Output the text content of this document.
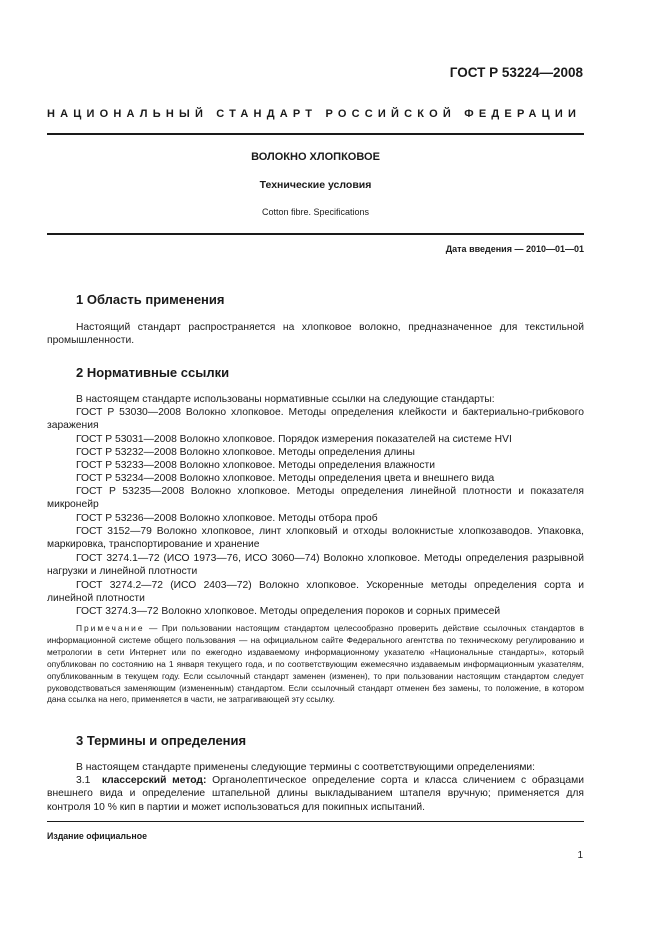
ГОСТ Р 53224—2008
НАЦИОНАЛЬНЫЙ СТАНДАРТ РОССИЙСКОЙ ФЕДЕРАЦИИ
ВОЛОКНО ХЛОПКОВОЕ
Технические условия
Cotton fibre. Specifications
Дата введения — 2010—01—01
1 Область применения
Настоящий стандарт распространяется на хлопковое волокно, предназначенное для текстильной промышленности.
2 Нормативные ссылки
В настоящем стандарте использованы нормативные ссылки на следующие стандарты:
ГОСТ Р 53030—2008 Волокно хлопковое. Методы определения клейкости и бактериально-грибкового заражения
ГОСТ Р 53031—2008 Волокно хлопковое. Порядок измерения показателей на системе HVI
ГОСТ Р 53232—2008 Волокно хлопковое. Методы определения длины
ГОСТ Р 53233—2008 Волокно хлопковое. Методы определения влажности
ГОСТ Р 53234—2008 Волокно хлопковое. Методы определения цвета и внешнего вида
ГОСТ Р 53235—2008 Волокно хлопковое. Методы определения линейной плотности и показателя микронейр
ГОСТ Р 53236—2008 Волокно хлопковое. Методы отбора проб
ГОСТ 3152—79 Волокно хлопковое, линт хлопковый и отходы волокнистые хлопкозаводов. Упаковка, маркировка, транспортирование и хранение
ГОСТ 3274.1—72 (ИСО 1973—76, ИСО 3060—74) Волокно хлопковое. Методы определения разрывной нагрузки и линейной плотности
ГОСТ 3274.2—72 (ИСО 2403—72) Волокно хлопковое. Ускоренные методы определения сорта и линейной плотности
ГОСТ 3274.3—72 Волокно хлопковое. Методы определения пороков и сорных примесей
Примечание — При пользовании настоящим стандартом целесообразно проверить действие ссылочных стандартов в информационной системе общего пользования — на официальном сайте Федерального агентства по техническому регулированию и метрологии в сети Интернет или по ежегодно издаваемому информационному указателю «Национальные стандарты», который опубликован по состоянию на 1 января текущего года, и по соответствующим ежемесячно издаваемым информационным указателям, опубликованным в текущем году. Если ссылочный стандарт заменен (изменен), то при пользовании настоящим стандартом следует руководствоваться заменяющим (измененным) стандартом. Если ссылочный стандарт отменен без замены, то положение, в котором дана ссылка на него, применяется в части, не затрагивающей эту ссылку.
3 Термины и определения
В настоящем стандарте применены следующие термины с соответствующими определениями:
3.1 классерский метод: Органолептическое определение сорта и класса сличением с образцами внешнего вида и определение штапельной длины выкладыванием штапеля вручную; применяется для контроля 10 % кип в партии и может использоваться для покипных испытаний.
Издание официальное
1
